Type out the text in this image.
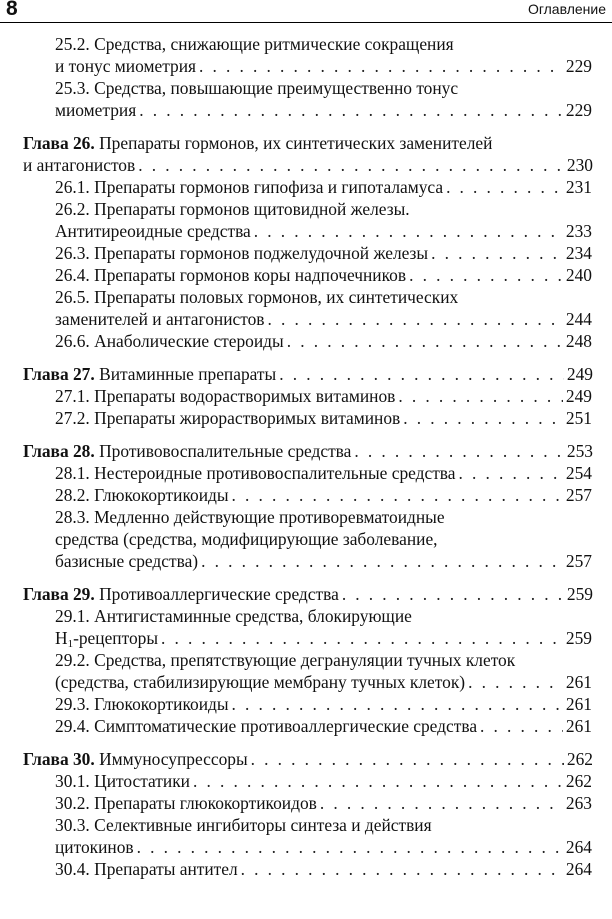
8	Оглавление
25.2. Средства, снижающие ритмические сокращения
и тонус миометрия . . .	229
25.3. Средства, повышающие преимущественно тонус
миометрия . . .	229
Глава 26. Препараты гормонов, их синтетических заменителей
и антагонистов . . .	230
26.1. Препараты гормонов гипофиза и гипоталамуса . . .	231
26.2. Препараты гормонов щитовидной железы.
Антитиреоидные средства . . .	233
26.3. Препараты гормонов поджелудочной железы . . .	234
26.4. Препараты гормонов коры надпочечников . . .	240
26.5. Препараты половых гормонов, их синтетических
заменителей и антагонистов . . .	244
26.6. Анаболические стероиды . . .	248
Глава 27. Витаминные препараты . . .	249
27.1. Препараты водорастворимых витаминов . . .	249
27.2. Препараты жирорастворимых витаминов . . .	251
Глава 28. Противовоспалительные средства . . .	253
28.1. Нестероидные противовоспалительные средства . . .	254
28.2. Глюкокортикоиды . . .	257
28.3. Медленно действующие противоревматоидные
средства (средства, модифицирующие заболевание,
базисные средства) . . .	257
Глава 29. Противоаллергические средства . . .	259
29.1. Антигистаминные средства, блокирующие
$H_1$-рецепторы . . .	259
29.2. Средства, препятствующие дегрануляции тучных клеток
(средства, стабилизирующие мембрану тучных клеток) . . .	261
29.3. Глюкокортикоиды . . .	261
29.4. Симптоматические противоаллергические средства . . .	261
Глава 30. Иммуносупрессоры . . .	262
30.1. Цитостатики . . .	262
30.2. Препараты глюкокортикоидов . . .	263
30.3. Селективные ингибиторы синтеза и действия
цитокинов . . .	264
30.4. Препараты антител . . .	264
